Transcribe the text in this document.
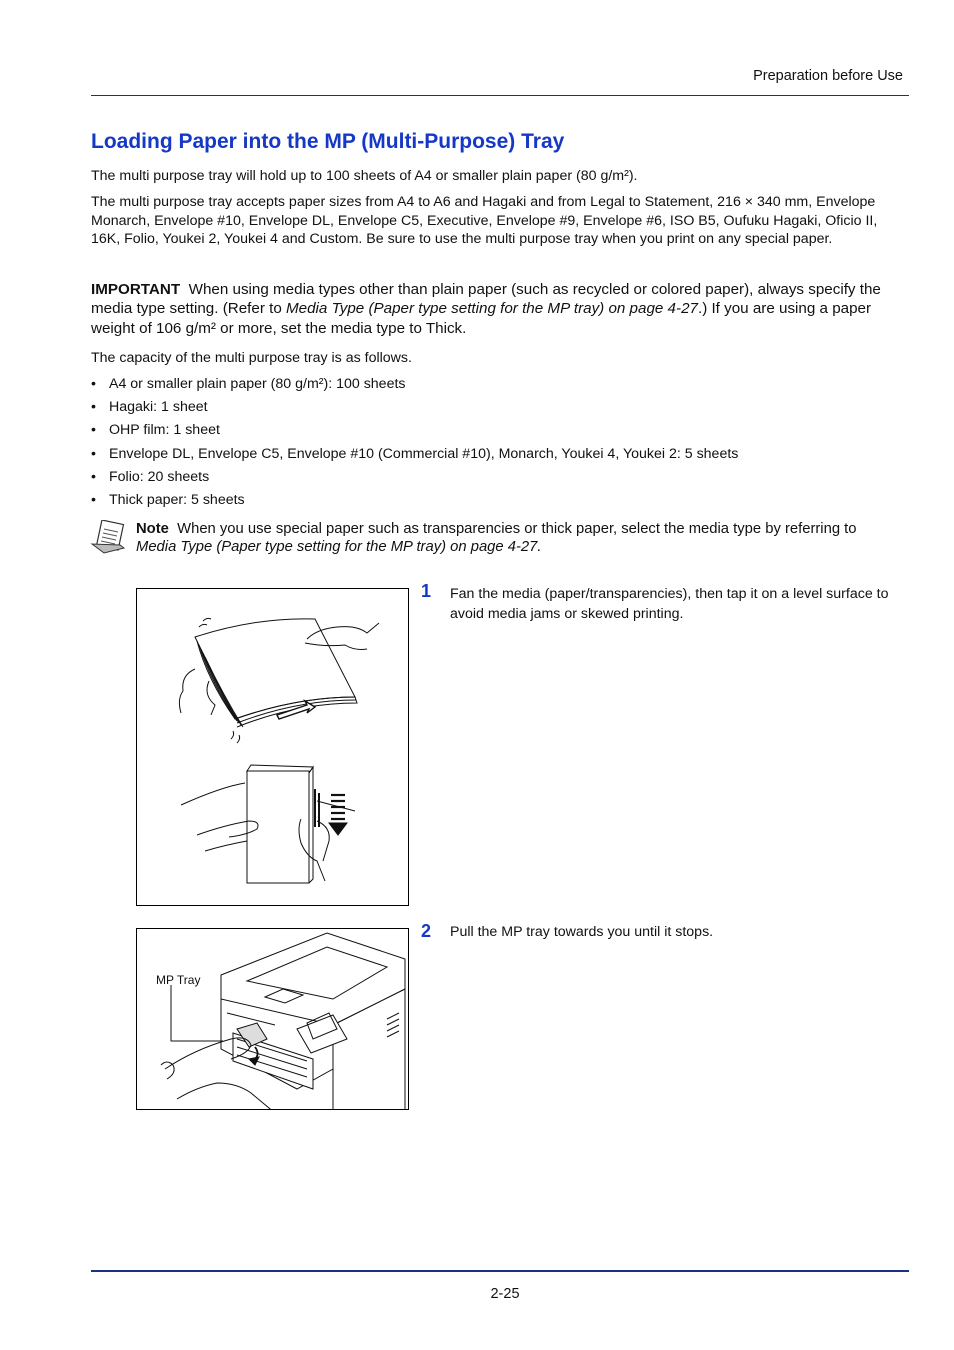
Preparation before Use
Loading Paper into the MP (Multi-Purpose) Tray
The multi purpose tray will hold up to 100 sheets of A4 or smaller plain paper (80 g/m²).
The multi purpose tray accepts paper sizes from A4 to A6 and Hagaki and from Legal to Statement, 216 × 340 mm, Envelope Monarch, Envelope #10, Envelope DL, Envelope C5, Executive, Envelope #9, Envelope #6, ISO B5, Oufuku Hagaki, Oficio II, 16K, Folio, Youkei 2, Youkei 4 and Custom. Be sure to use the multi purpose tray when you print on any special paper.
IMPORTANT When using media types other than plain paper (such as recycled or colored paper), always specify the media type setting. (Refer to Media Type (Paper type setting for the MP tray) on page 4-27.) If you are using a paper weight of 106 g/m² or more, set the media type to Thick.
The capacity of the multi purpose tray is as follows.
• A4 or smaller plain paper (80 g/m²): 100 sheets
• Hagaki: 1 sheet
• OHP film: 1 sheet
• Envelope DL, Envelope C5, Envelope #10 (Commercial #10), Monarch, Youkei 4, Youkei 2: 5 sheets
• Folio: 20 sheets
• Thick paper: 5 sheets
Note When you use special paper such as transparencies or thick paper, select the media type by referring to
Media Type (Paper type setting for the MP tray) on page 4-27.
MP Tray
1 Fan the media (paper/transparencies), then tap it on a level surface to avoid media jams or skewed printing.
2 Pull the MP tray towards you until it stops.
2-25
